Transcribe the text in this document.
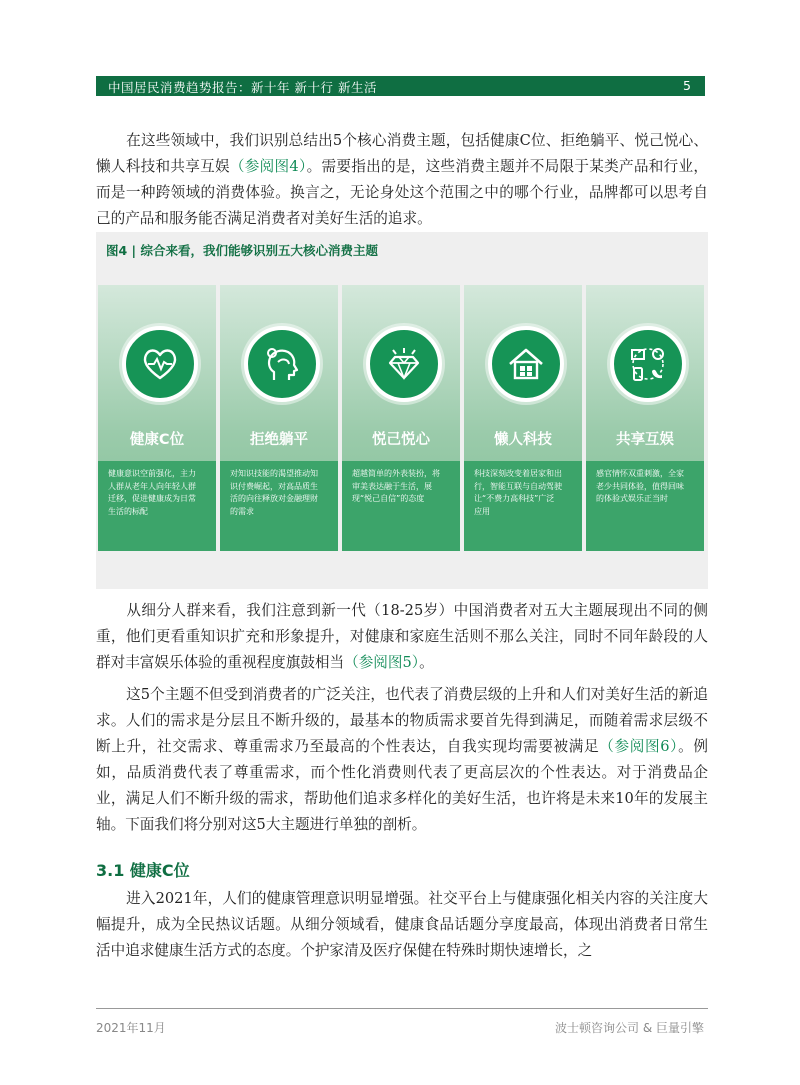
中国居民消费趋势报告：新十年 新十行 新生活	5

在这些领域中，我们识别总结出5个核心消费主题，包括健康C位、拒绝躺平、悦己悦心、懒人科技和共享互娱（参阅图4）。需要指出的是，这些消费主题并不局限于某类产品和行业，而是一种跨领域的消费体验。换言之，无论身处这个范围之中的哪个行业，品牌都可以思考自己的产品和服务能否满足消费者对美好生活的追求。

图4 | 综合来看，我们能够识别五大核心消费主题
健康C位
健康意识空前强化，主力人群从老年人向年轻人群迁移，促进健康成为日常生活的标配
拒绝躺平
对知识技能的渴望推动知识付费崛起，对高品质生活的向往释放对金融理财的需求
悦己悦心
超越简单的外表装扮，将审美表达融于生活，展现“悦己自信”的态度
懒人科技
科技深刻改变着居家和出行，智能互联与自动驾驶让“不费力高科技”广泛应用
共享互娱
感官情怀双重刺激，全家老少共同体验，值得回味的体验式娱乐正当时

从细分人群来看，我们注意到新一代（18-25岁）中国消费者对五大主题展现出不同的侧重，他们更看重知识扩充和形象提升，对健康和家庭生活则不那么关注，同时不同年龄段的人群对丰富娱乐体验的重视程度旗鼓相当（参阅图5）。

这5个主题不但受到消费者的广泛关注，也代表了消费层级的上升和人们对美好生活的新追求。人们的需求是分层且不断升级的，最基本的物质需求要首先得到满足，而随着需求层级不断上升，社交需求、尊重需求乃至最高的个性表达，自我实现均需要被满足（参阅图6）。例如，品质消费代表了尊重需求，而个性化消费则代表了更高层次的个性表达。对于消费品企业，满足人们不断升级的需求，帮助他们追求多样化的美好生活，也许将是未来10年的发展主轴。下面我们将分别对这5大主题进行单独的剖析。

3.1 健康C位

进入2021年，人们的健康管理意识明显增强。社交平台上与健康强化相关内容的关注度大幅提升，成为全民热议话题。从细分领域看，健康食品话题分享度最高，体现出消费者日常生活中追求健康生活方式的态度。个护家清及医疗保健在特殊时期快速增长，之

2021年11月	波士顿咨询公司 & 巨量引擎
